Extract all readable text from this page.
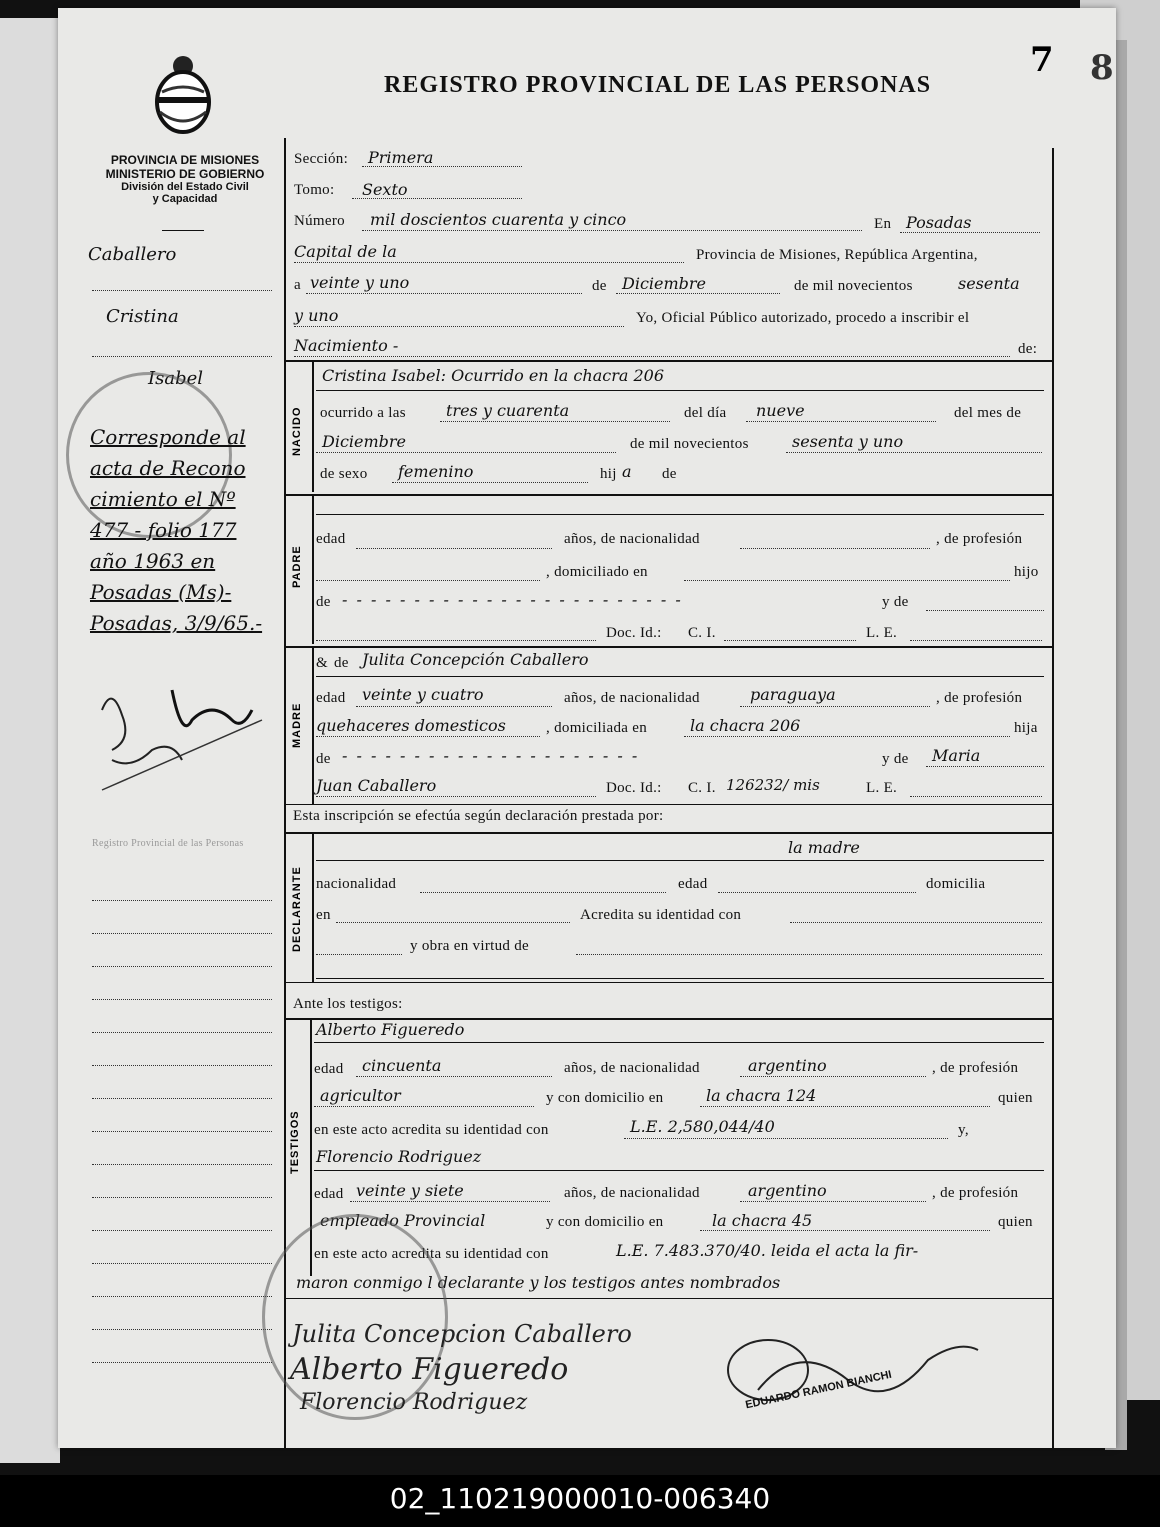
7 8
REGISTRO PROVINCIAL DE LAS PERSONAS
PROVINCIA DE MISIONES
MINISTERIO DE GOBIERNO
División del Estado Civil
y Capacidad
Caballero
Cristina
Isabel
Corresponde al
acta de Recono
cimiento el Nº
477 - folio 177
año 1963 en
Posadas (Ms)-
Posadas, 3/9/65.-
Registro Provincial de las Personas
Sección: Primera
Tomo: Sexto
Número mil doscientos cuarenta y cinco	En Posadas
Capital de la	Provincia de Misiones, República Argentina,
a veinte y uno	de Diciembre	de mil novecientos	sesenta
y uno	Yo, Oficial Público autorizado, procedo a inscribir el
Nacimiento -	de:
NACIDO
Cristina Isabel: Ocurrido en la chacra 206
ocurrido a las	tres y cuarenta	del día nueve	del mes de
Diciembre	de mil novecientos	sesenta y uno
de sexo femenino	hij a de
PADRE
edad	años, de nacionalidad	, de profesión
, domiciliado en	hijo
de - - - - - - - - - - - - - - - - - - - - - - - -	y de
Doc. Id.: C. I.	L. E.
MADRE
& de Julita Concepción Caballero
edad veinte y cuatro	años, de nacionalidad	paraguaya	, de profesión
quehaceres domesticos	, domiciliada en	la chacra 206	hija
de - - - - - - - - - - - - - - - - - - - - -	y de Maria
Juan Caballero	Doc. Id.: C. I. 126232/ mis	L. E.
Esta inscripción se efectúa según declaración prestada por:
DECLARANTE
la madre
nacionalidad	edad	domicilia
en	Acredita su identidad con
y obra en virtud de
Ante los testigos:
TESTIGOS
Alberto Figueredo
edad cincuenta	años, de nacionalidad	argentino	, de profesión
agricultor	y con domicilio en	la chacra 124	quien
en este acto acredita su identidad con	L.E. 2,580,044/40	y,
Florencio Rodriguez
edad veinte y siete	años, de nacionalidad	argentino	, de profesión
empleado Provincial	y con domicilio en	la chacra 45	quien
en este acto acredita su identidad con	L.E. 7.483.370/40. leida el acta la fir-
maron conmigo l declarante y los testigos antes nombrados
Julita Concepcion Caballero
Alberto Figueredo
Florencio Rodriguez	EDUARDO RAMON BIANCHI
02_110219000010-006340
